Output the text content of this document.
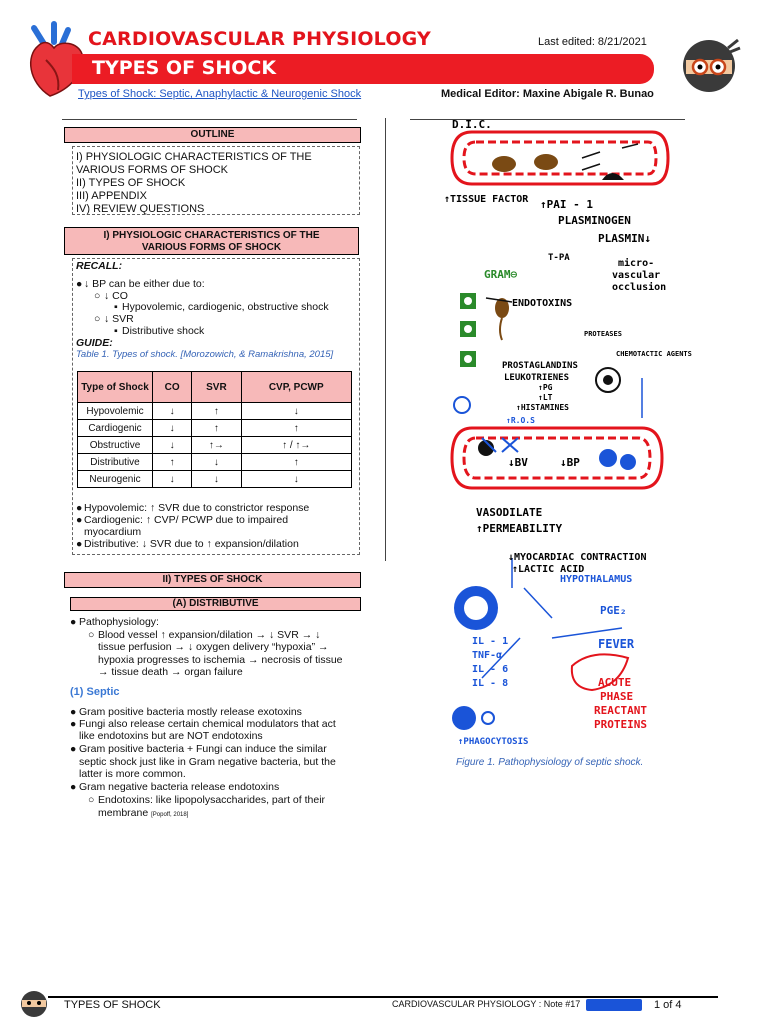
CARDIOVASCULAR PHYSIOLOGY
TYPES OF SHOCK
Last edited: 8/21/2021
Types of Shock: Septic, Anaphylactic & Neurogenic Shock	Medical Editor: Maxine Abigale R. Bunao
OUTLINE
I) PHYSIOLOGIC CHARACTERISTICS OF THE
VARIOUS FORMS OF SHOCK
II) TYPES OF SHOCK
III) APPENDIX
IV) REVIEW QUESTIONS
I) PHYSIOLOGIC CHARACTERISTICS OF THE
VARIOUS FORMS OF SHOCK
RECALL:
● ↓ BP can be either due to:
○ ↓ CO
▪ Hypovolemic, cardiogenic, obstructive shock
○ ↓ SVR
▪ Distributive shock
GUIDE:
Table 1. Types of shock. [Morozowich, & Ramakrishna, 2015]
Type of Shock	CO	SVR	CVP, PCWP
Hypovolemic	↓	↑	↓
Cardiogenic	↓	↑	↑
Obstructive	↓	↑→	↑ / ↑→
Distributive	↑	↓	↑
Neurogenic	↓	↓	↓
● Hypovolemic: ↑ SVR due to constrictor response
● Cardiogenic: ↑ CVP/ PCWP due to impaired
myocardium
● Distributive: ↓ SVR due to ↑ expansion/dilation
II) TYPES OF SHOCK
(A) DISTRIBUTIVE
● Pathophysiology:
○ Blood vessel ↑ expansion/dilation → ↓ SVR → ↓
tissue perfusion → ↓ oxygen delivery “hypoxia” →
hypoxia progresses to ischemia → necrosis of tissue
→ tissue death → organ failure
(1) Septic
● Gram positive bacteria mostly release exotoxins
● Fungi also release certain chemical modulators that act
like endotoxins but are NOT endotoxins
● Gram positive bacteria + Fungi can induce the similar
septic shock just like in Gram negative bacteria, but the
latter is more common.
● Gram negative bacteria release endotoxins
○ Endotoxins: like lipopolysaccharides, part of their
membrane [Popoff, 2018]
D.I.C.
↑TISSUE FACTOR ↑PAI - 1
PLASMINOGEN
PLASMIN↓
T-PA	micro-
vascular
occlusion
GRAM⊖
ENDOTOXINS
PROTEASES
CHEMOTACTIC AGENTS
PROSTAGLANDINS
LEUKOTRIENES
↑PG
↑LT
↑HISTAMINES
↑R.O.S
↓BV	↓BP
VASODILATE
↑PERMEABILITY
↓MYOCARDIAC CONTRACTION
↑LACTIC ACID
HYPOTHALAMUS
PGE₂
FEVER
IL - 1
TNF-α
IL - 6
IL - 8
↑PHAGOCYTOSIS
ACUTE
PHASE
REACTANT
PROTEINS
Figure 1. Pathophysiology of septic shock.
TYPES OF SHOCK	CARDIOVASCULAR PHYSIOLOGY : Note #17	1 of 4
